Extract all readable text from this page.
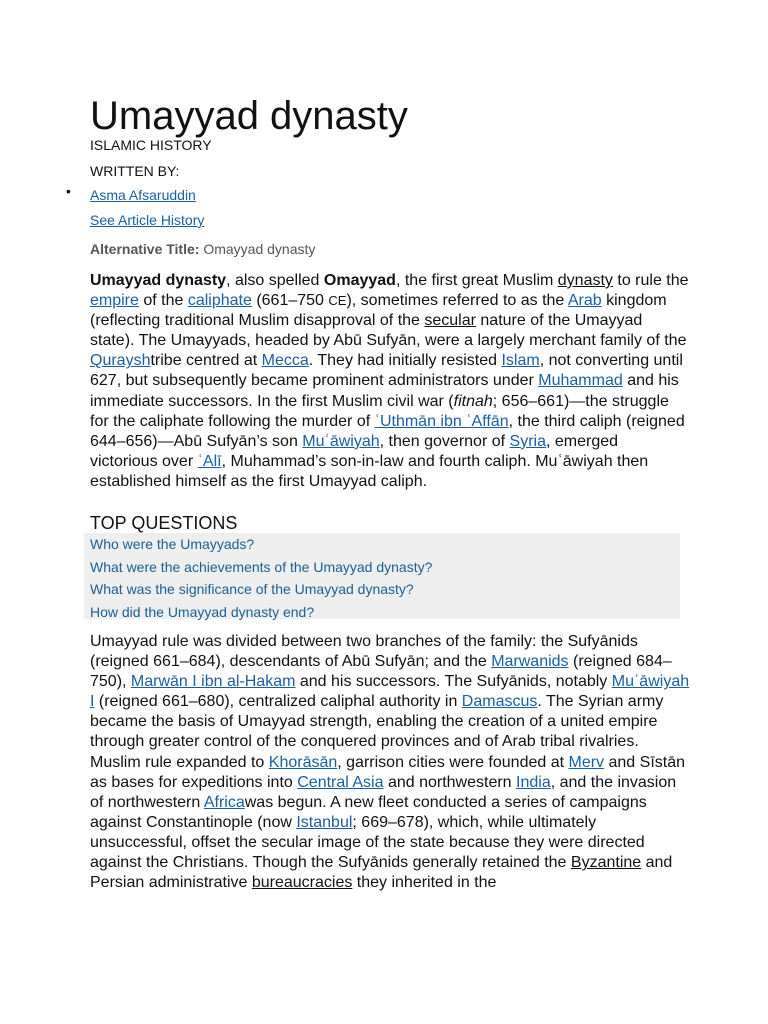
Umayyad dynasty

ISLAMIC HISTORY

WRITTEN BY:

• Asma Afsaruddin

See Article History

Alternative Title: Omayyad dynasty

Umayyad dynasty, also spelled Omayyad, the first great Muslim dynasty to rule the empire of the caliphate (661–750 CE), sometimes referred to as the Arab kingdom (reflecting traditional Muslim disapproval of the secular nature of the Umayyad state). The Umayyads, headed by Abū Sufyān, were a largely merchant family of the Qurayshtribe centred at Mecca. They had initially resisted Islam, not converting until 627, but subsequently became prominent administrators under Muhammad and his immediate successors. In the first Muslim civil war (fitnah; 656–661)—the struggle for the caliphate following the murder of ʿUthmān ibn ʿAffān, the third caliph (reigned 644–656)—Abū Sufyān’s son Muʿāwiyah, then governor of Syria, emerged victorious over ʿAlī, Muhammad’s son-in-law and fourth caliph. Muʿāwiyah then established himself as the first Umayyad caliph.

TOP QUESTIONS

Who were the Umayyads?
What were the achievements of the Umayyad dynasty?
What was the significance of the Umayyad dynasty?
How did the Umayyad dynasty end?

Umayyad rule was divided between two branches of the family: the Sufyānids (reigned 661–684), descendants of Abū Sufyān; and the Marwanids (reigned 684–750), Marwān I ibn al-Hakam and his successors. The Sufyānids, notably Muʿāwiyah I (reigned 661–680), centralized caliphal authority in Damascus. The Syrian army became the basis of Umayyad strength, enabling the creation of a united empire through greater control of the conquered provinces and of Arab tribal rivalries. Muslim rule expanded to Khorāsān, garrison cities were founded at Merv and Sīstān as bases for expeditions into Central Asia and northwestern India, and the invasion of northwestern Africawas begun. A new fleet conducted a series of campaigns against Constantinople (now Istanbul; 669–678), which, while ultimately unsuccessful, offset the secular image of the state because they were directed against the Christians. Though the Sufyānids generally retained the Byzantine and Persian administrative bureaucracies they inherited in the
